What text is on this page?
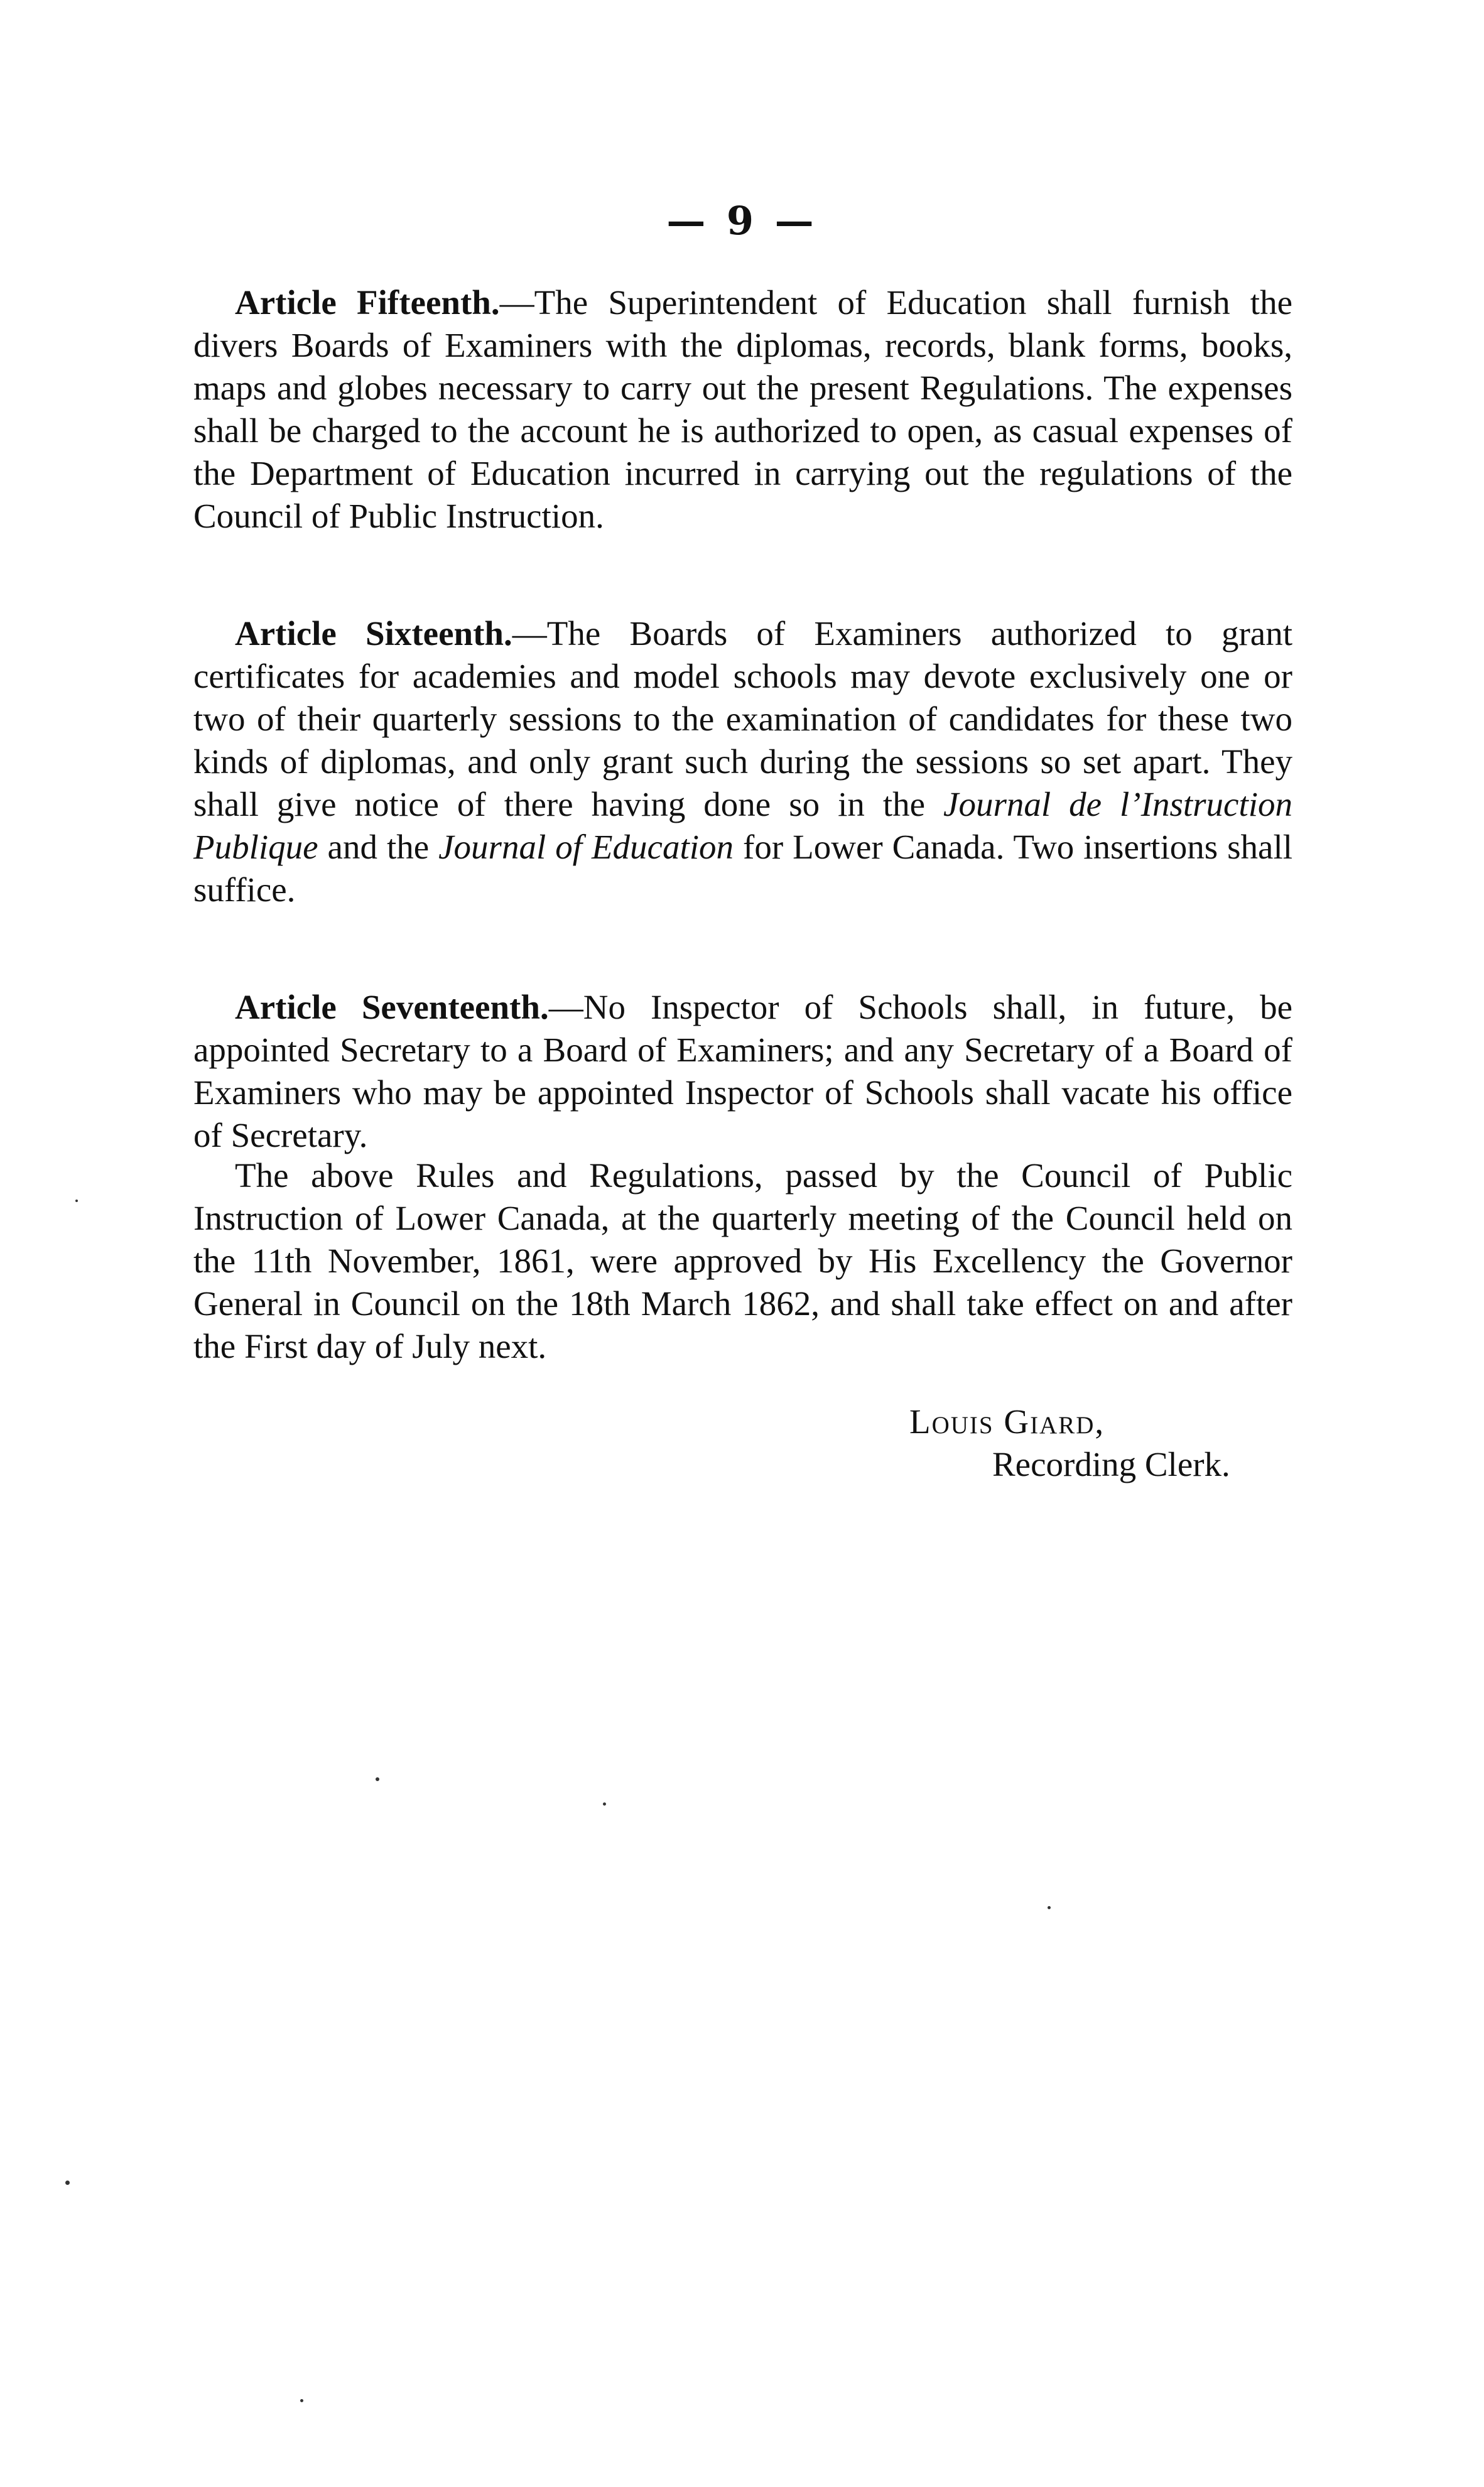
— 9 —

Article Fifteenth.—The Superintendent of Education shall furnish the divers Boards of Examiners with the diplomas, records, blank forms, books, maps and globes necessary to carry out the present Regulations. The expenses shall be charged to the account he is authorized to open, as casual expenses of the Department of Education incurred in carrying out the regulations of the Council of Public Instruction.

Article Sixteenth.—The Boards of Examiners authorized to grant certificates for academies and model schools may devote exclusively one or two of their quarterly sessions to the examination of candidates for these two kinds of diplomas, and only grant such during the sessions so set apart. They shall give notice of there having done so in the Journal de l’Instruction Publique and the Journal of Education for Lower Canada. Two insertions shall suffice.

Article Seventeenth.—No Inspector of Schools shall, in future, be appointed Secretary to a Board of Examiners; and any Secretary of a Board of Examiners who may be appointed Inspector of Schools shall vacate his office of Secretary.

The above Rules and Regulations, passed by the Council of Public Instruction of Lower Canada, at the quarterly meeting of the Council held on the 11th November, 1861, were approved by His Excellency the Governor General in Council on the 18th March 1862, and shall take effect on and after the First day of July next.

Louis Giard,
Recording Clerk.
